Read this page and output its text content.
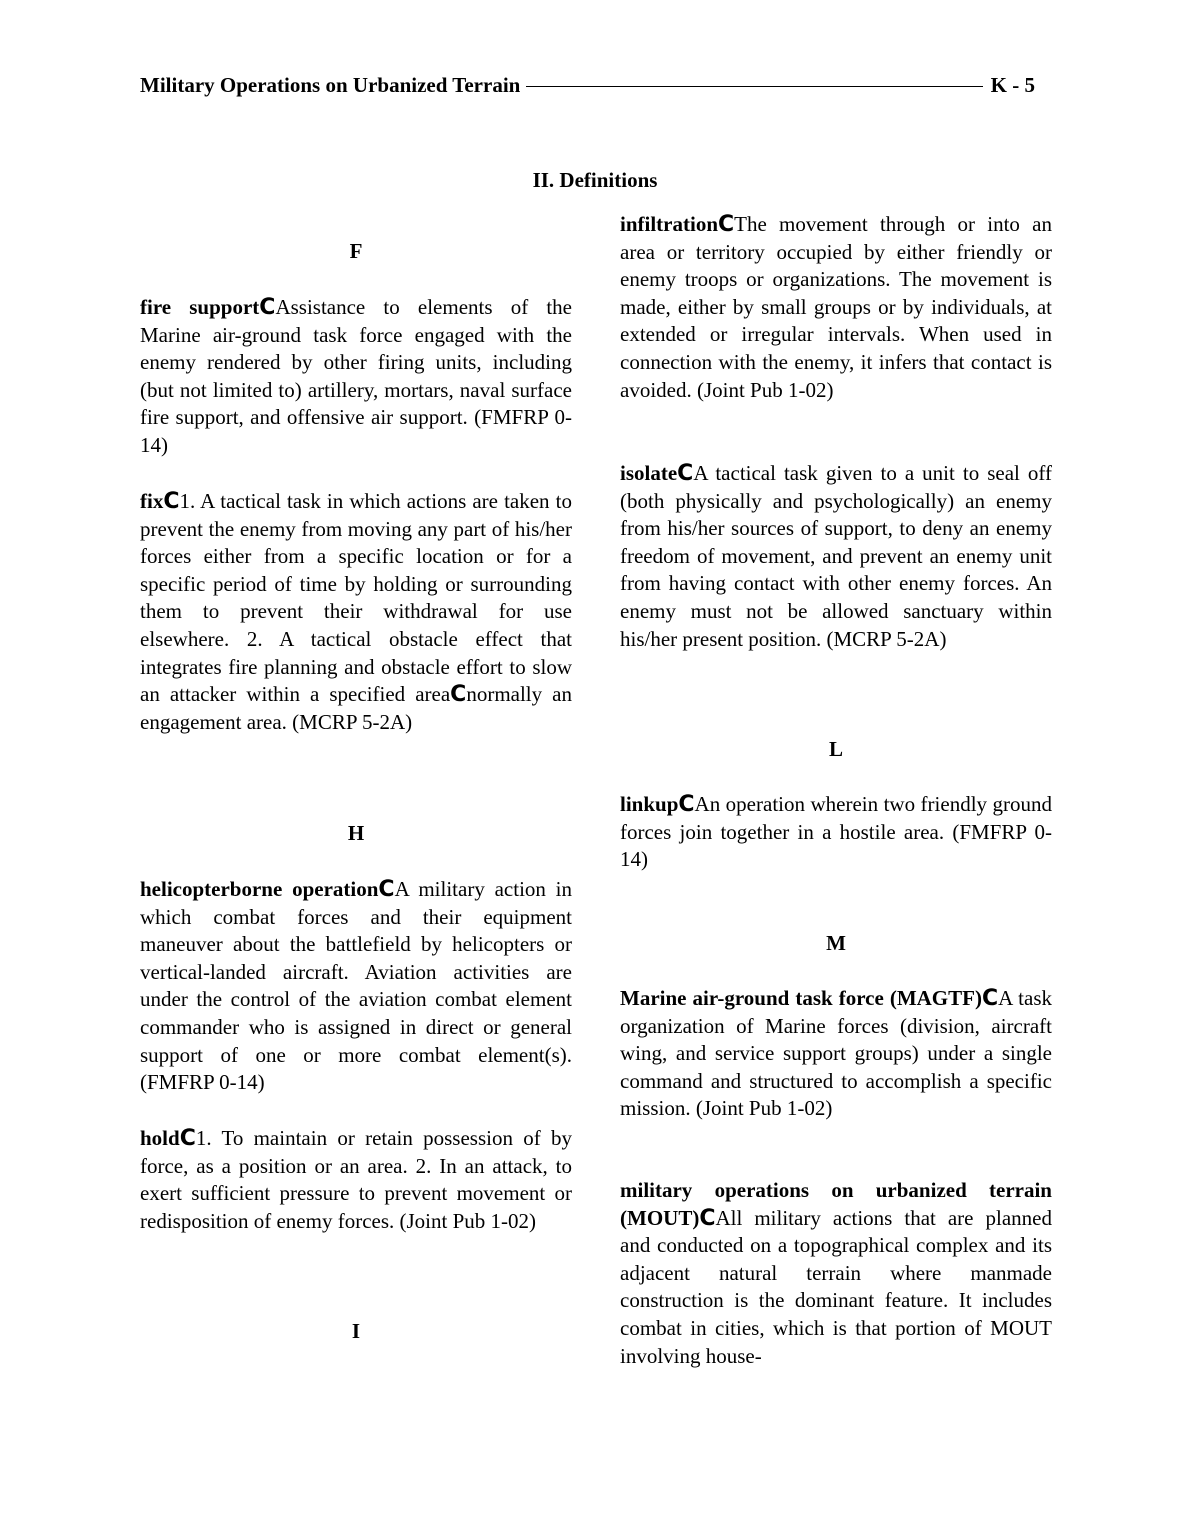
Military Operations on Urbanized Terrain	K - 5
II. Definitions
F
fire supportCAssistance to elements of the Marine air-ground task force engaged with the enemy rendered by other firing units, including (but not limited to) artillery, mortars, naval surface fire support, and offensive air support. (FMFRP 0-14)
fixC1. A tactical task in which actions are taken to prevent the enemy from moving any part of his/her forces either from a specific location or for a specific period of time by holding or surrounding them to prevent their withdrawal for use elsewhere. 2. A tactical obstacle effect that integrates fire planning and obstacle effort to slow an attacker within a specified areaCnormally an engagement area. (MCRP 5-2A)
H
helicopterborne operationCA military action in which combat forces and their equipment maneuver about the battlefield by helicopters or vertical-landed aircraft. Aviation activities are under the control of the aviation combat element commander who is assigned in direct or general support of one or more combat element(s). (FMFRP 0-14)
holdC1. To maintain or retain possession of by force, as a position or an area. 2. In an attack, to exert sufficient pressure to prevent movement or redisposition of enemy forces. (Joint Pub 1-02)
I
infiltrationCThe movement through or into an area or territory occupied by either friendly or enemy troops or organizations. The movement is made, either by small groups or by individuals, at extended or irregular intervals. When used in connection with the enemy, it infers that contact is avoided. (Joint Pub 1-02)
isolateCA tactical task given to a unit to seal off (both physically and psychologically) an enemy from his/her sources of support, to deny an enemy freedom of movement, and prevent an enemy unit from having contact with other enemy forces. An enemy must not be allowed sanctuary within his/her present position. (MCRP 5-2A)
L
linkupCAn operation wherein two friendly ground forces join together in a hostile area. (FMFRP 0-14)
M
Marine air-ground task force (MAGTF)CA task organization of Marine forces (division, aircraft wing, and service support groups) under a single command and structured to accomplish a specific mission. (Joint Pub 1-02)
military operations on urbanized terrain (MOUT)CAll military actions that are planned and conducted on a topographical complex and its adjacent natural terrain where manmade construction is the dominant feature. It includes combat in cities, which is that portion of MOUT involving house-
